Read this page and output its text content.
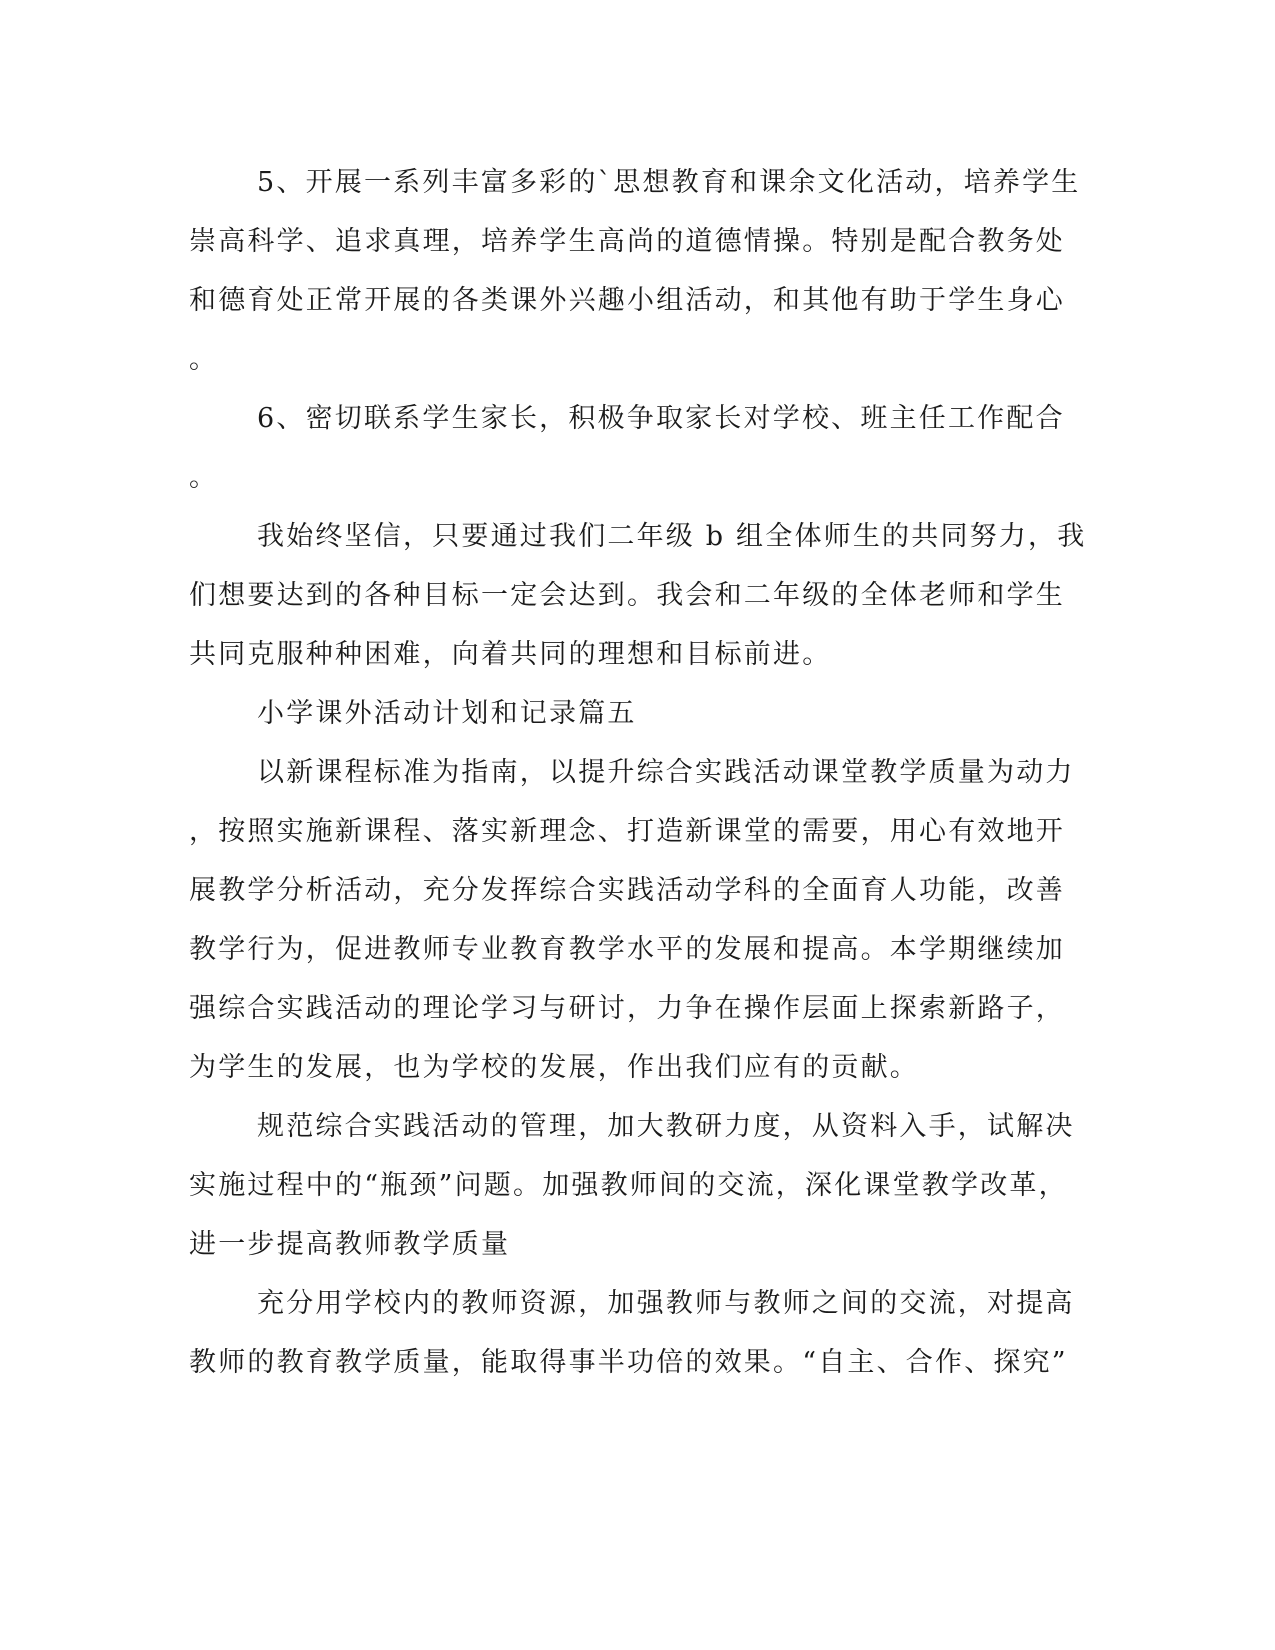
5、开展一系列丰富多彩的`思想教育和课余文化活动，培养学生
崇高科学、追求真理，培养学生高尚的道德情操。特别是配合教务处
和德育处正常开展的各类课外兴趣小组活动，和其他有助于学生身心
。
6、密切联系学生家长，积极争取家长对学校、班主任工作配合
。
我始终坚信，只要通过我们二年级 b 组全体师生的共同努力，我
们想要达到的各种目标一定会达到。我会和二年级的全体老师和学生
共同克服种种困难，向着共同的理想和目标前进。
小学课外活动计划和记录篇五
以新课程标准为指南，以提升综合实践活动课堂教学质量为动力
，按照实施新课程、落实新理念、打造新课堂的需要，用心有效地开
展教学分析活动，充分发挥综合实践活动学科的全面育人功能，改善
教学行为，促进教师专业教育教学水平的发展和提高。本学期继续加
强综合实践活动的理论学习与研讨，力争在操作层面上探索新路子，
为学生的发展，也为学校的发展，作出我们应有的贡献。
规范综合实践活动的管理，加大教研力度，从资料入手，试解决
实施过程中的“瓶颈”问题。加强教师间的交流，深化课堂教学改革，
进一步提高教师教学质量
充分用学校内的教师资源，加强教师与教师之间的交流，对提高
教师的教育教学质量，能取得事半功倍的效果。“自主、合作、探究”
